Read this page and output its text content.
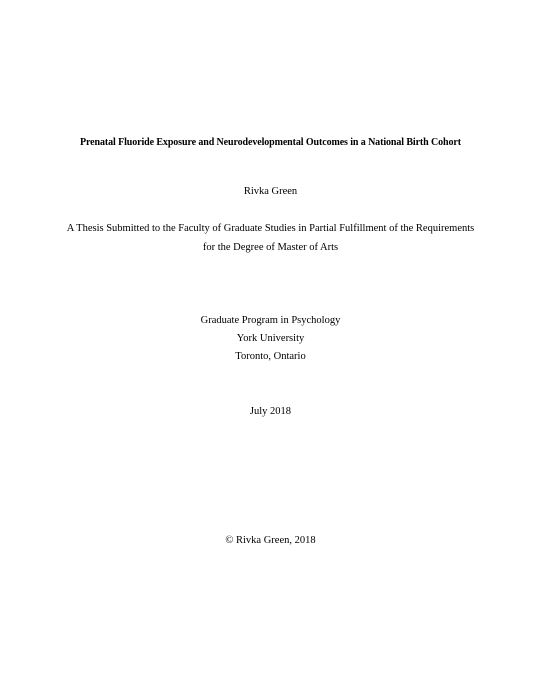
Prenatal Fluoride Exposure and Neurodevelopmental Outcomes in a National Birth Cohort
Rivka Green
A Thesis Submitted to the Faculty of Graduate Studies in Partial Fulfillment of the Requirements
for the Degree of Master of Arts
Graduate Program in Psychology
York University
Toronto, Ontario
July 2018
© Rivka Green, 2018
